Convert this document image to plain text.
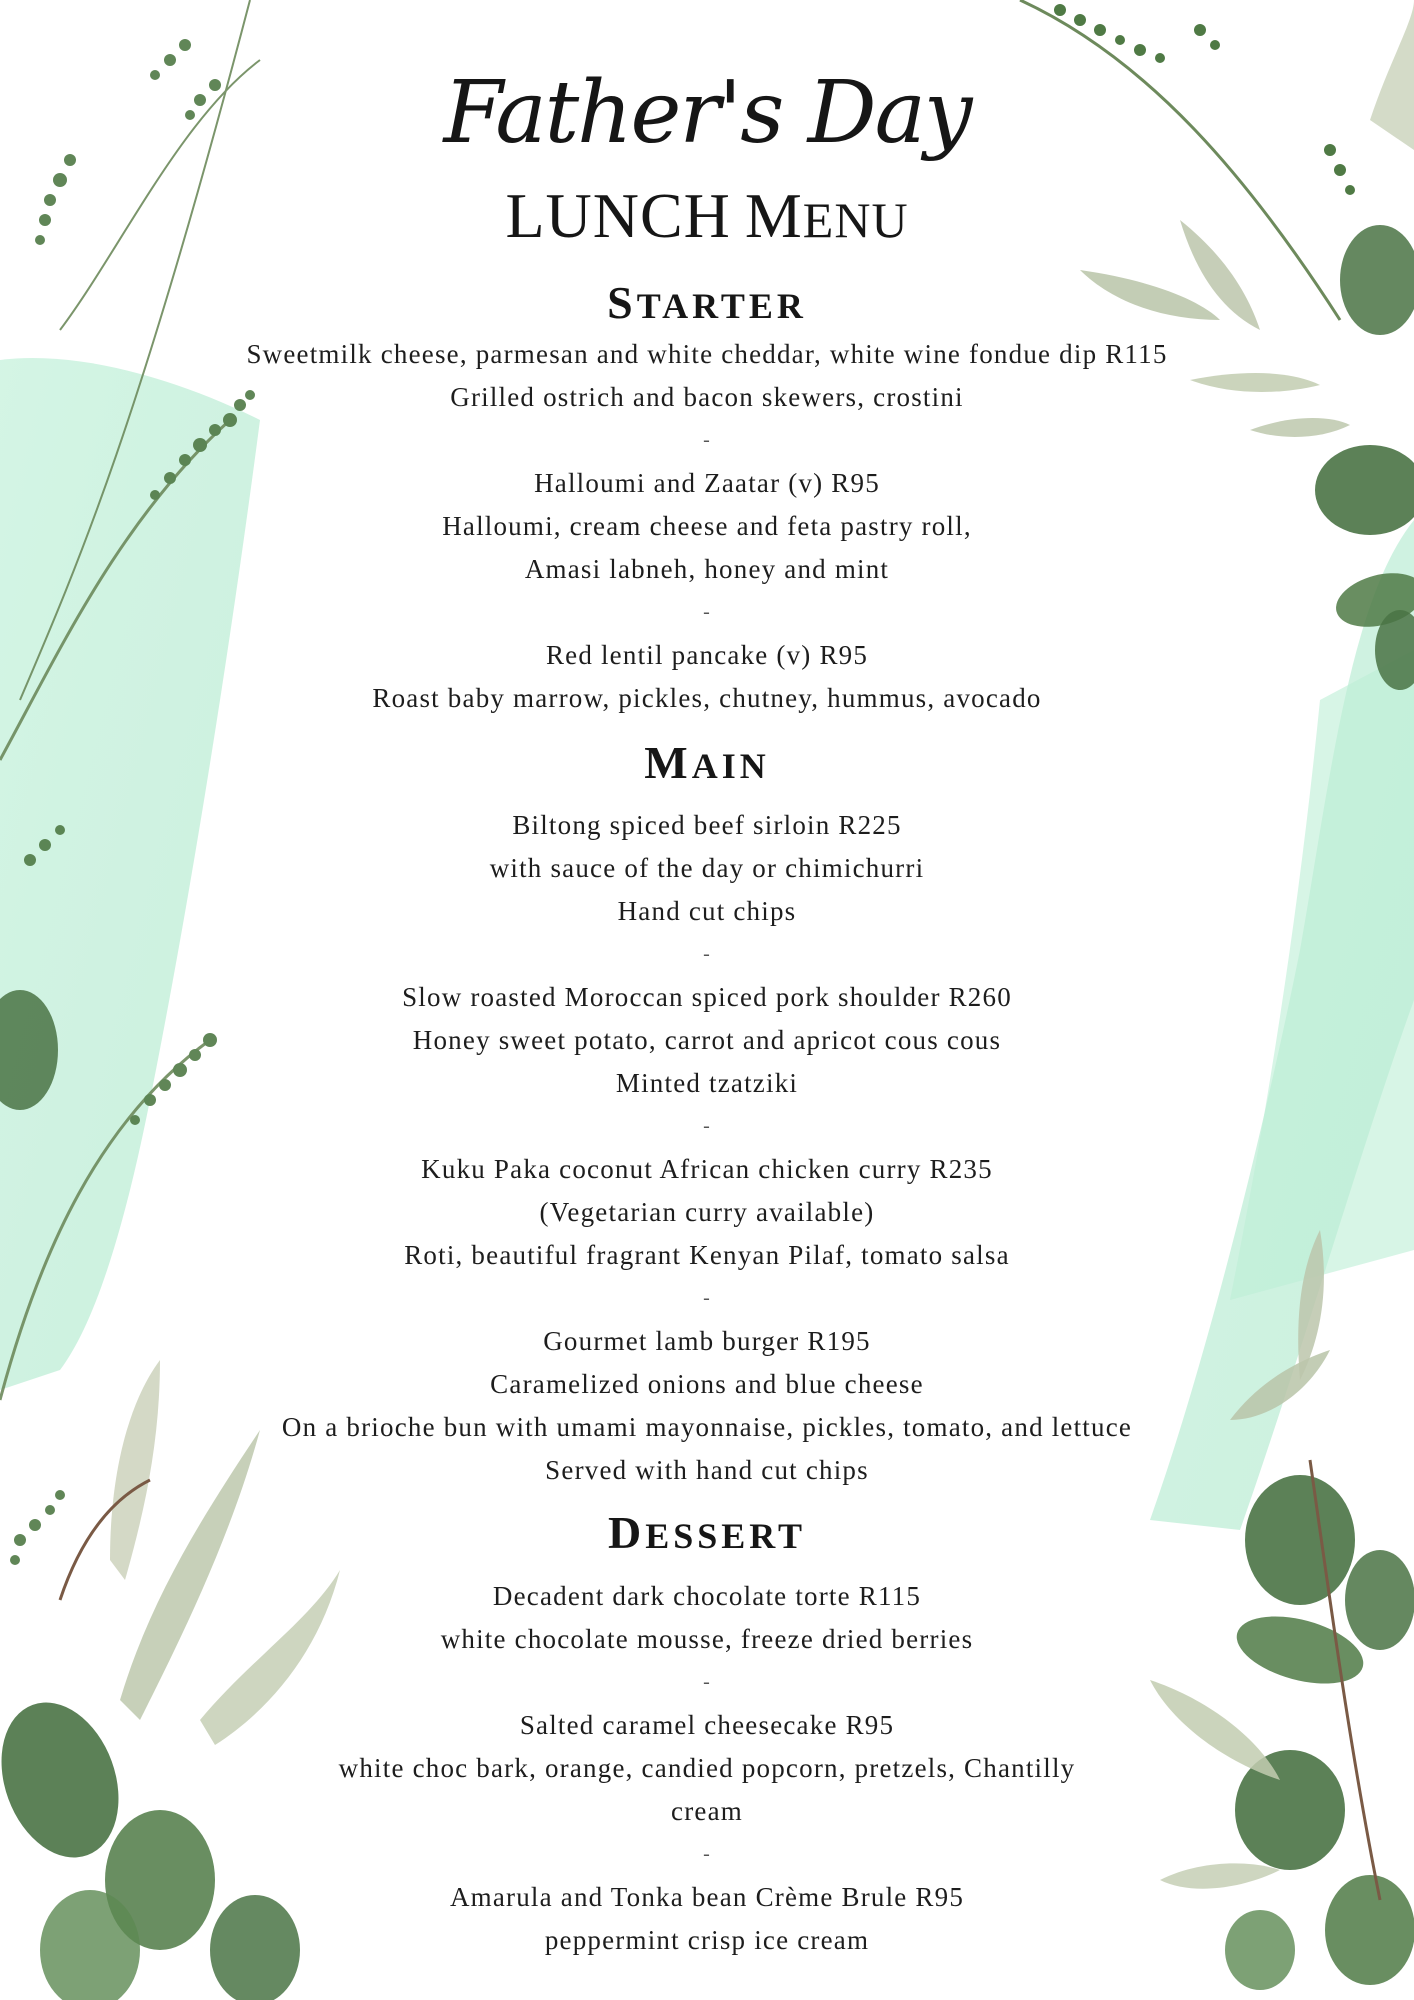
Father's Day
LUNCH MENU
STARTER
Sweetmilk cheese, parmesan and white cheddar, white wine fondue dip R115
Grilled ostrich and bacon skewers, crostini
-
Halloumi and Zaatar (v) R95
Halloumi, cream cheese and feta pastry roll,
Amasi labneh, honey and mint
-
Red lentil pancake (v) R95
Roast baby marrow, pickles, chutney, hummus, avocado
MAIN
Biltong spiced beef sirloin R225
with sauce of the day or chimichurri
Hand cut chips
-
Slow roasted Moroccan spiced pork shoulder R260
Honey sweet potato, carrot and apricot cous cous
Minted tzatziki
-
Kuku Paka coconut African chicken curry R235
(Vegetarian curry available)
Roti, beautiful fragrant Kenyan Pilaf, tomato salsa
-
Gourmet lamb burger R195
Caramelized onions and blue cheese
On a brioche bun with umami mayonnaise, pickles, tomato, and lettuce
Served with hand cut chips
DESSERT
Decadent dark chocolate torte R115
white chocolate mousse, freeze dried berries
-
Salted caramel cheesecake R95
white choc bark, orange, candied popcorn, pretzels, Chantilly
cream
-
Amarula and Tonka bean Crème Brule R95
peppermint crisp ice cream
